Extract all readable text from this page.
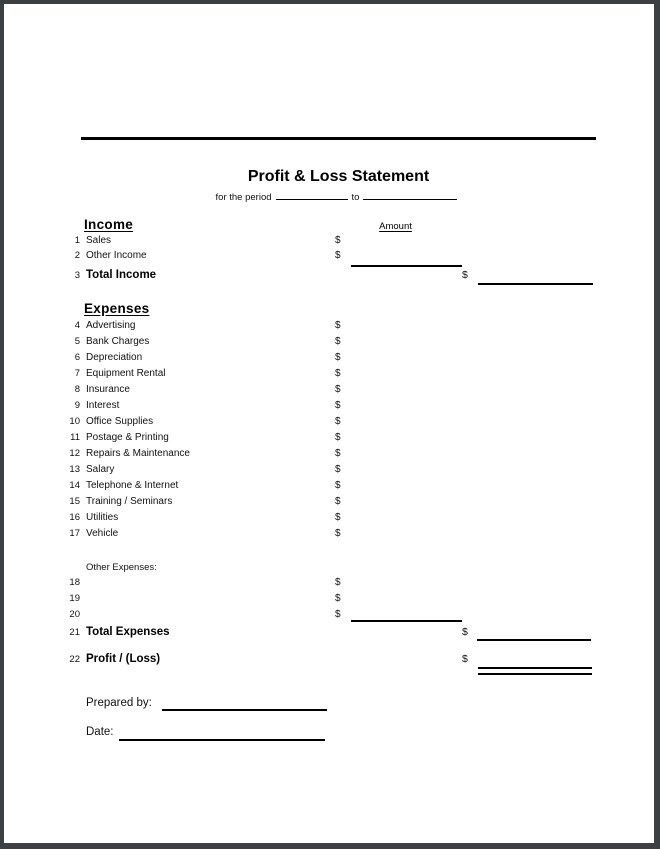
Profit & Loss Statement
for the period	to
Income	Amount
1 Sales	$
2 Other Income	$
3 Total Income	$
Expenses
4 Advertising	$
5 Bank Charges	$
6 Depreciation	$
7 Equipment Rental	$
8 Insurance	$
9 Interest	$
10 Office Supplies	$
11 Postage & Printing	$
12 Repairs & Maintenance	$
13 Salary	$
14 Telephone & Internet	$
15 Training / Seminars	$
16 Utilities	$
17 Vehicle	$
Other Expenses:
18	$
19	$
20	$
21 Total Expenses	$
22 Profit / (Loss)	$
Prepared by:
Date:
